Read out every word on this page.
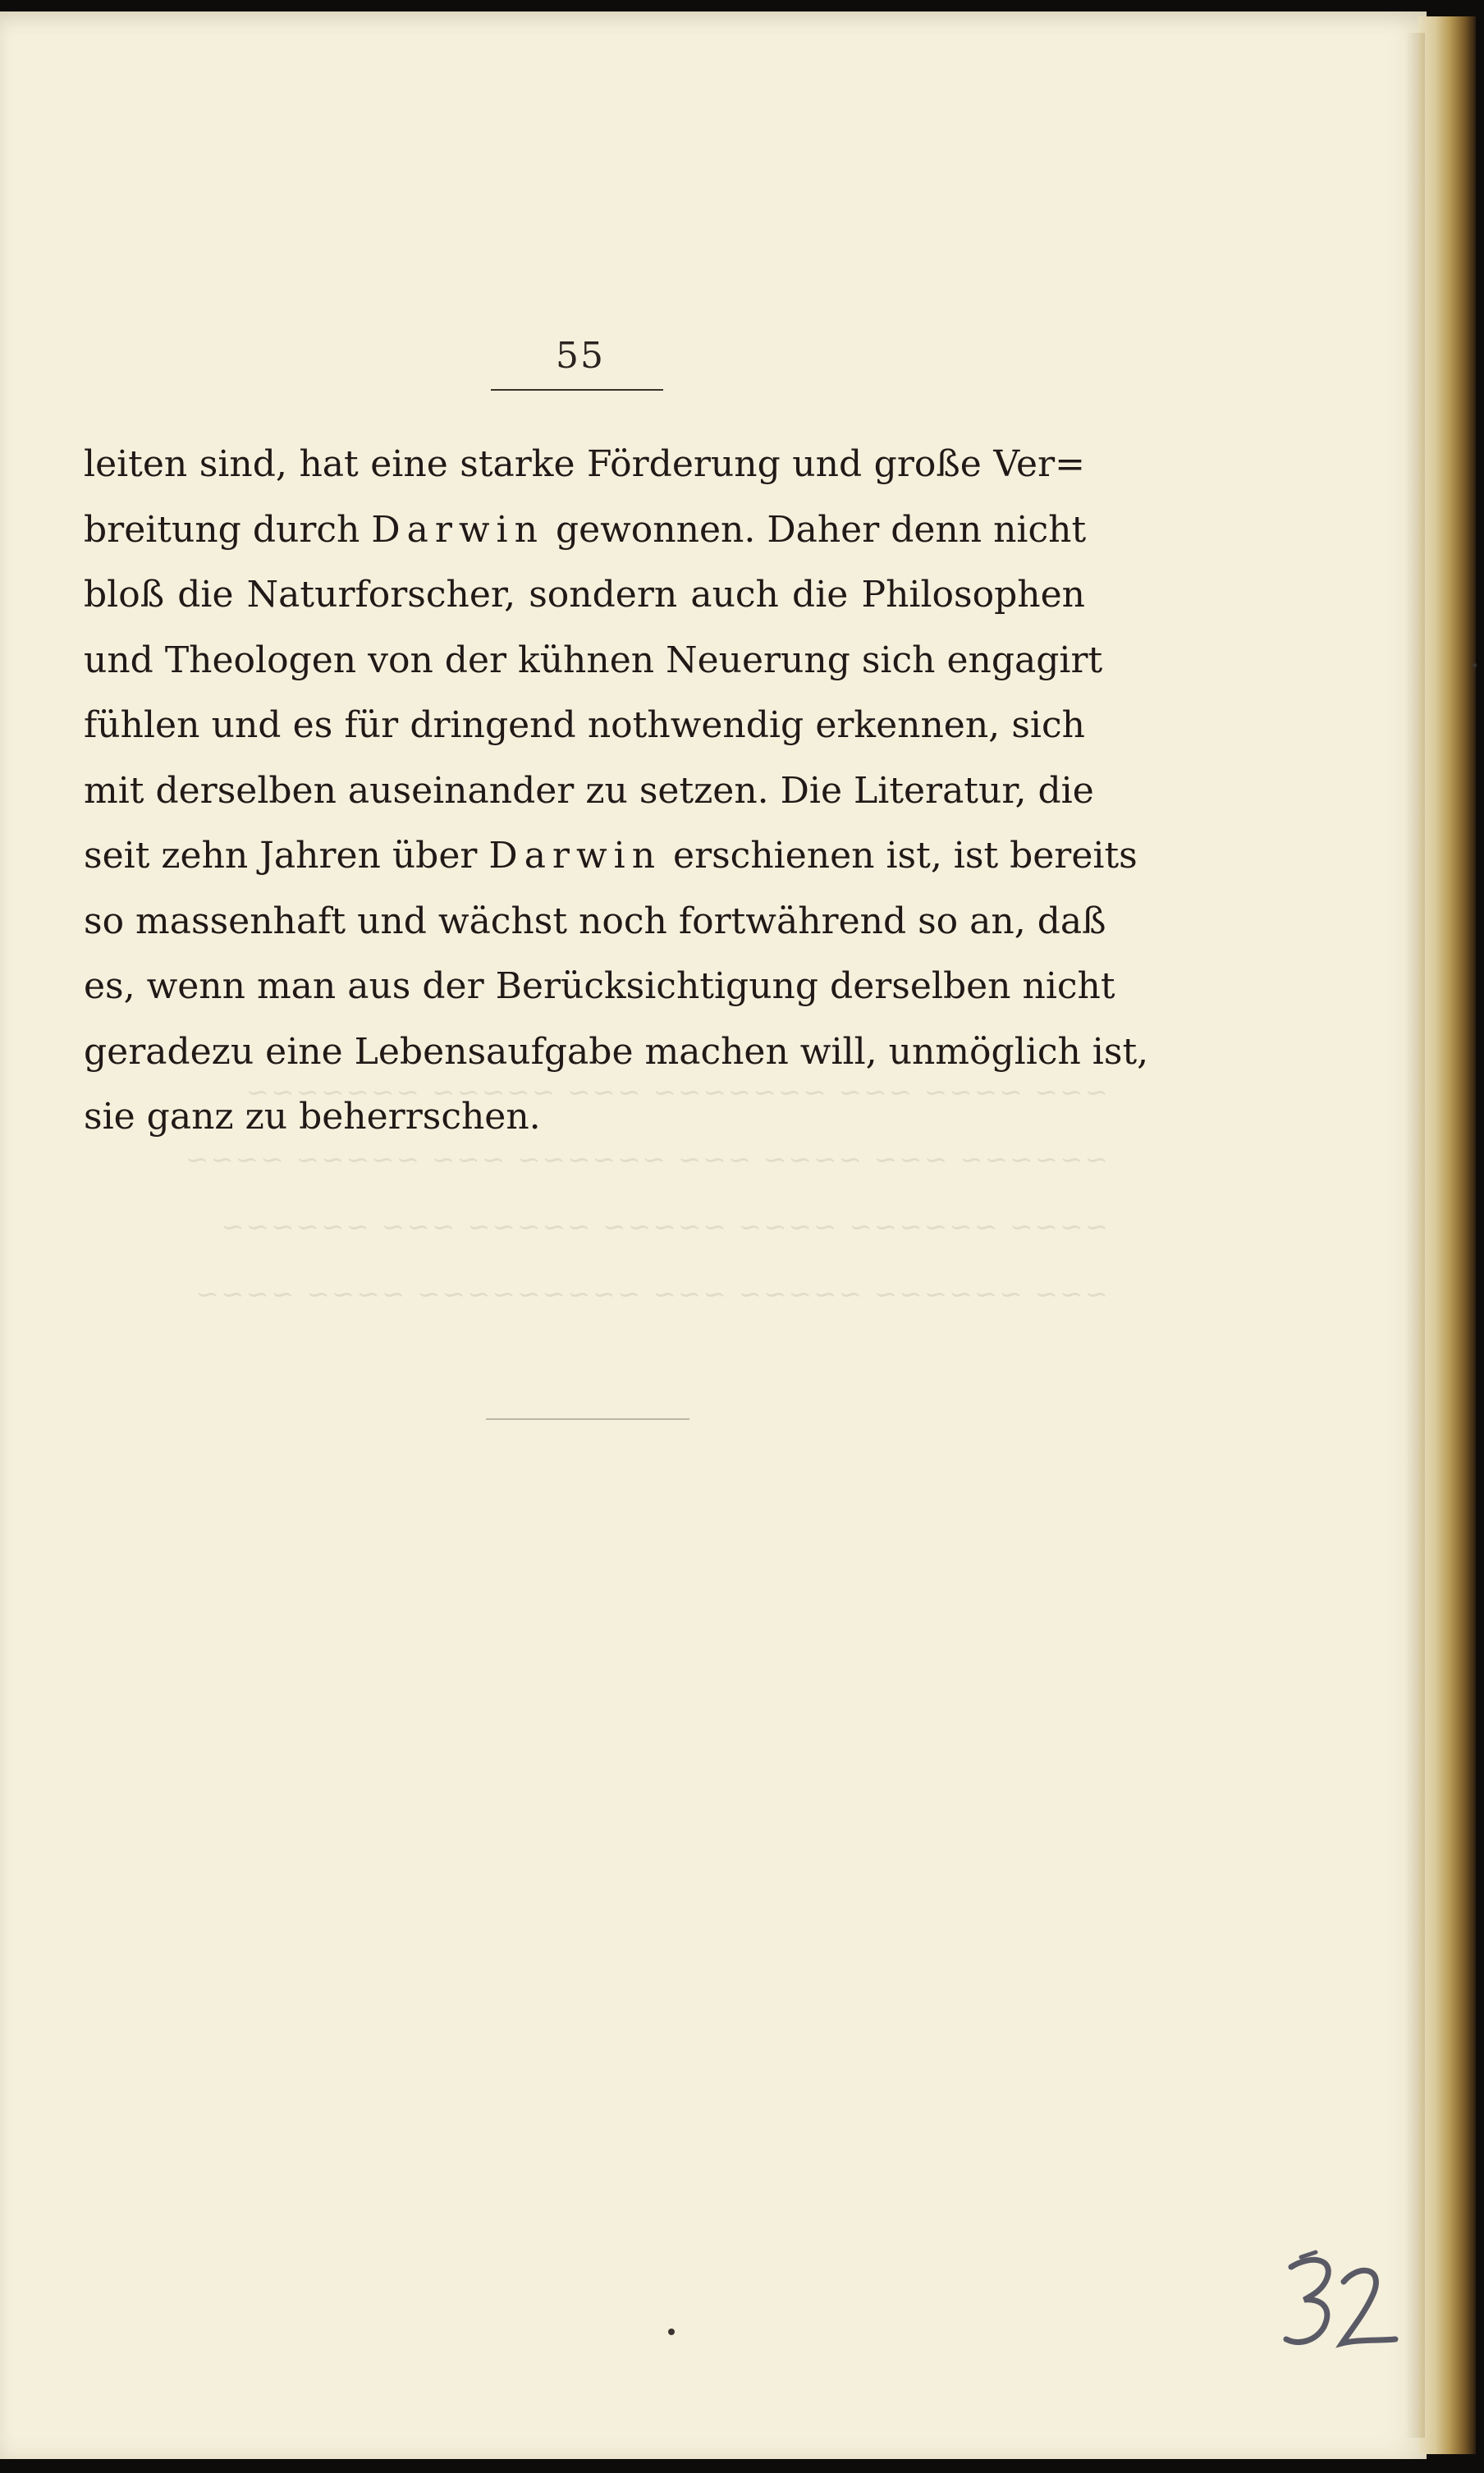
55
leiten sind, hat eine starke Förderung und große Ver=
breitung durch Darwin gewonnen. Daher denn nicht
bloß die Naturforscher, sondern auch die Philosophen
und Theologen von der kühnen Neuerung sich engagirt
fühlen und es für dringend nothwendig erkennen, sich
mit derselben auseinander zu setzen. Die Literatur, die
seit zehn Jahren über Darwin erschienen ist, ist bereits
so massenhaft und wächst noch fortwährend so an, daß
es, wenn man aus der Berücksichtigung derselben nicht
geradezu eine Lebensaufgabe machen will, unmöglich ist,
sie ganz zu beherrschen.
